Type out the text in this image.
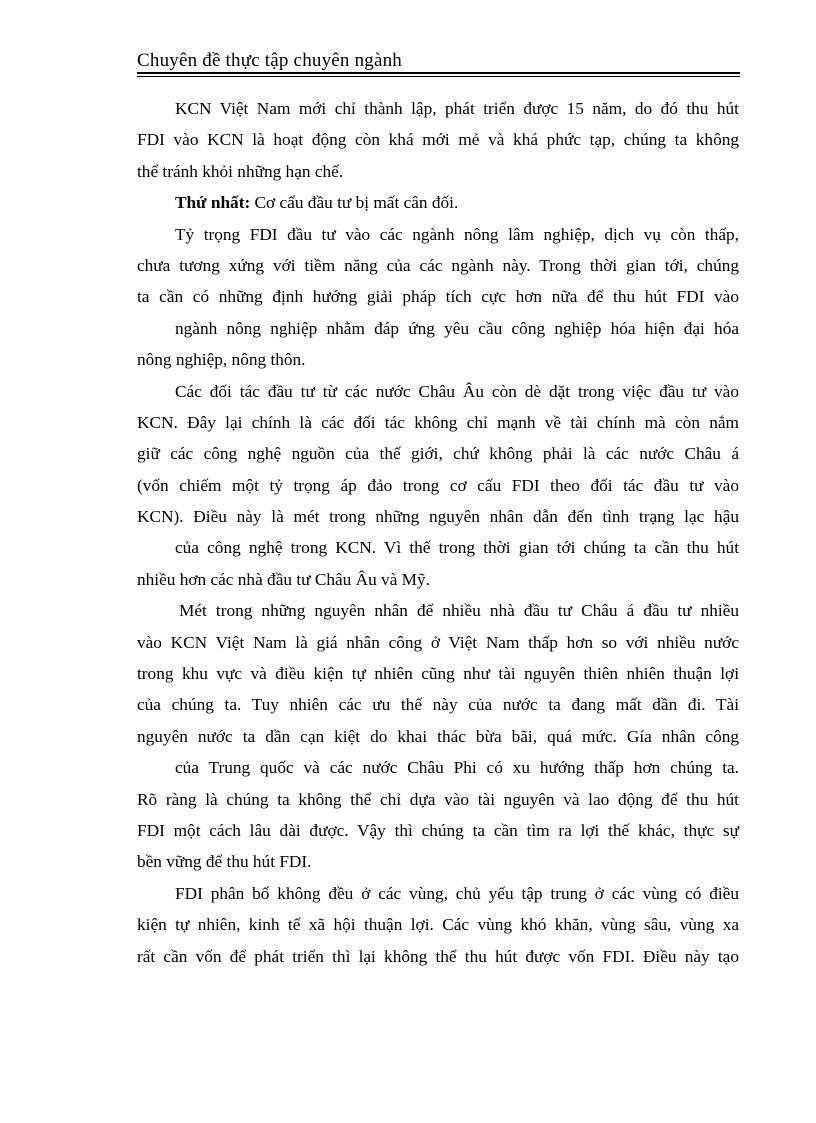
Chuyên đề thực tập chuyên ngành
KCN Việt Nam mới chỉ thành lập, phát triển được 15 năm, do đó thu hút
FDI vào KCN là hoạt động còn khá mới mẻ và khá phức tạp, chúng ta không
thể tránh khỏi những hạn chế.
Thứ nhất: Cơ cấu đầu tư bị mất cân đối.
Tỷ trọng FDI đầu tư vào các ngành nông lâm nghiệp, dịch vụ còn thấp,
chưa tương xứng với tiềm năng của các ngành này. Trong thời gian tới, chúng
ta cần có những định hướng giải pháp tích cực hơn nữa để thu hút FDI vào
ngành nông nghiệp nhằm đáp ứng yêu cầu công nghiệp hóa hiện đại hóa
nông nghiệp, nông thôn.
Các đối tác đầu tư từ các nước Châu Âu còn dè dặt trong việc đầu tư vào
KCN. Đây lại chính là các đối tác không chỉ mạnh về tài chính mà còn nắm
giữ các công nghệ nguồn của thế giới, chứ không phải là các nước Châu á
(vốn chiếm một tỷ trọng áp đảo trong cơ cấu FDI theo đối tác đầu tư vào
KCN). Điều này là mét trong những nguyên nhân dẫn đến tình trạng lạc hậu
của công nghệ trong KCN. Vì thế trong thời gian tới chúng ta cần thu hút
nhiều hơn các nhà đầu tư Châu Âu và Mỹ.
Mét trong những nguyên nhân để nhiều nhà đầu tư Châu á đầu tư nhiều
vào KCN Việt Nam là giá nhân công ở Việt Nam thấp hơn so với nhiều nước
trong khu vực và điều kiện tự nhiên cũng như tài nguyên thiên nhiên thuận lợi
của chúng ta. Tuy nhiên các ưu thế này của nước ta đang mất dần đi. Tài
nguyên nước ta dần cạn kiệt do khai thác bừa bãi, quá mức. Gía nhân công
của Trung quốc và các nước Châu Phi có xu hướng thấp hơn chúng ta.
Rõ ràng là chúng ta không thể chỉ dựa vào tài nguyên và lao động để thu hút
FDI một cách lâu dài được. Vậy thì chúng ta cần tìm ra lợi thế khác, thực sự
bền vững để thu hút FDI.
FDI phân bố không đều ở các vùng, chủ yếu tập trung ở các vùng có điều
kiện tự nhiên, kinh tế xã hội thuận lợi. Các vùng khó khăn, vùng sâu, vùng xa
rất cần vốn để phát triển thì lại không thể thu hút được vốn FDI. Điều này tạo
